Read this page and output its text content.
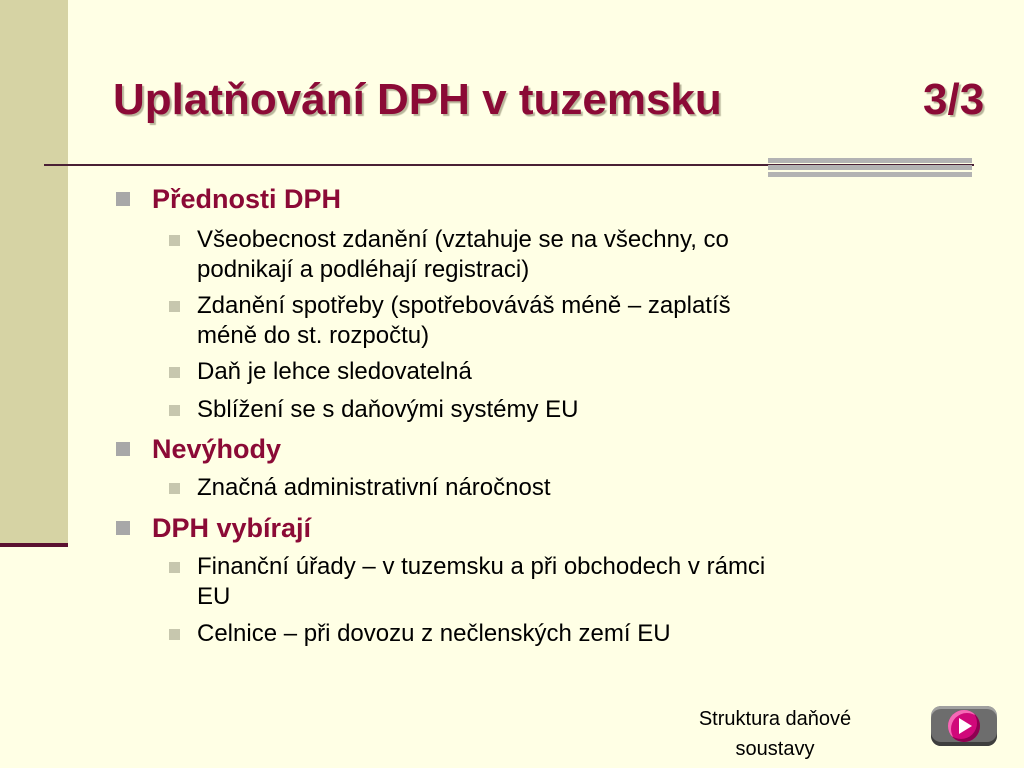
Uplatňování DPH v tuzemsku	3/3
Přednosti DPH
Všeobecnost zdanění (vztahuje se na všechny, co
podnikají a podléhají registraci)
Zdanění spotřeby (spotřebováváš méně – zaplatíš
méně do st. rozpočtu)
Daň je lehce sledovatelná
Sblížení se s daňovými systémy EU
Nevýhody
Značná administrativní náročnost
DPH vybírají
Finanční úřady – v tuzemsku a při obchodech v rámci
EU
Celnice – při dovozu z nečlenských zemí EU
Struktura daňové
soustavy
